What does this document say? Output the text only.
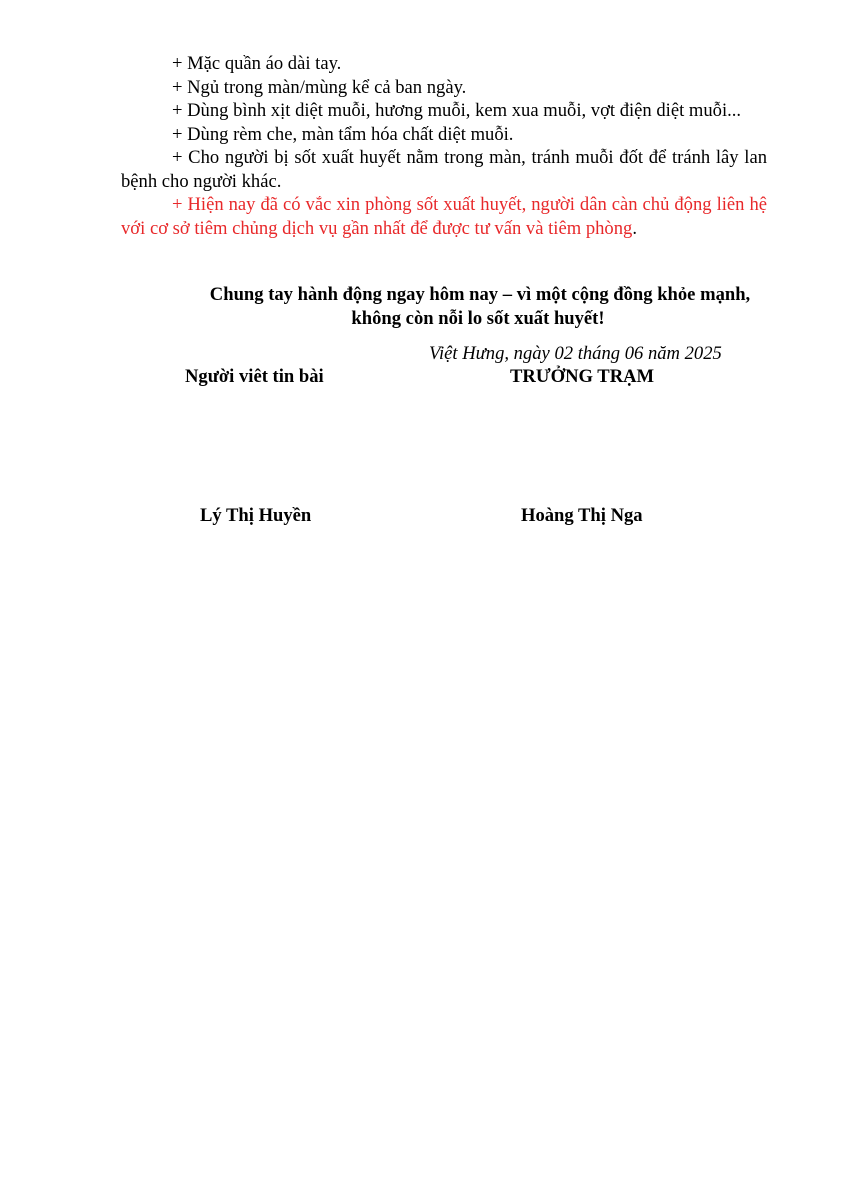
+ Mặc quần áo dài tay.

+ Ngủ trong màn/mùng kể cả ban ngày.

+ Dùng bình xịt diệt muỗi, hương muỗi, kem xua muỗi, vợt điện diệt muỗi...

+ Dùng rèm che, màn tẩm hóa chất diệt muỗi.

+ Cho người bị sốt xuất huyết nằm trong màn, tránh muỗi đốt để tránh lây lan bệnh cho người khác.

+ Hiện nay đã có vắc xin phòng sốt xuất huyết, người dân càn chủ động liên hệ với cơ sở tiêm chủng dịch vụ gần nhất để được tư vấn và tiêm phòng.

Chung tay hành động ngay hôm nay – vì một cộng đồng khỏe mạnh,
không còn nỗi lo sốt xuất huyết!
Việt Hưng, ngày 02 tháng 06 năm 2025
Người viêt tin bài	TRƯỞNG TRẠM
Lý Thị Huyền	Hoàng Thị Nga
